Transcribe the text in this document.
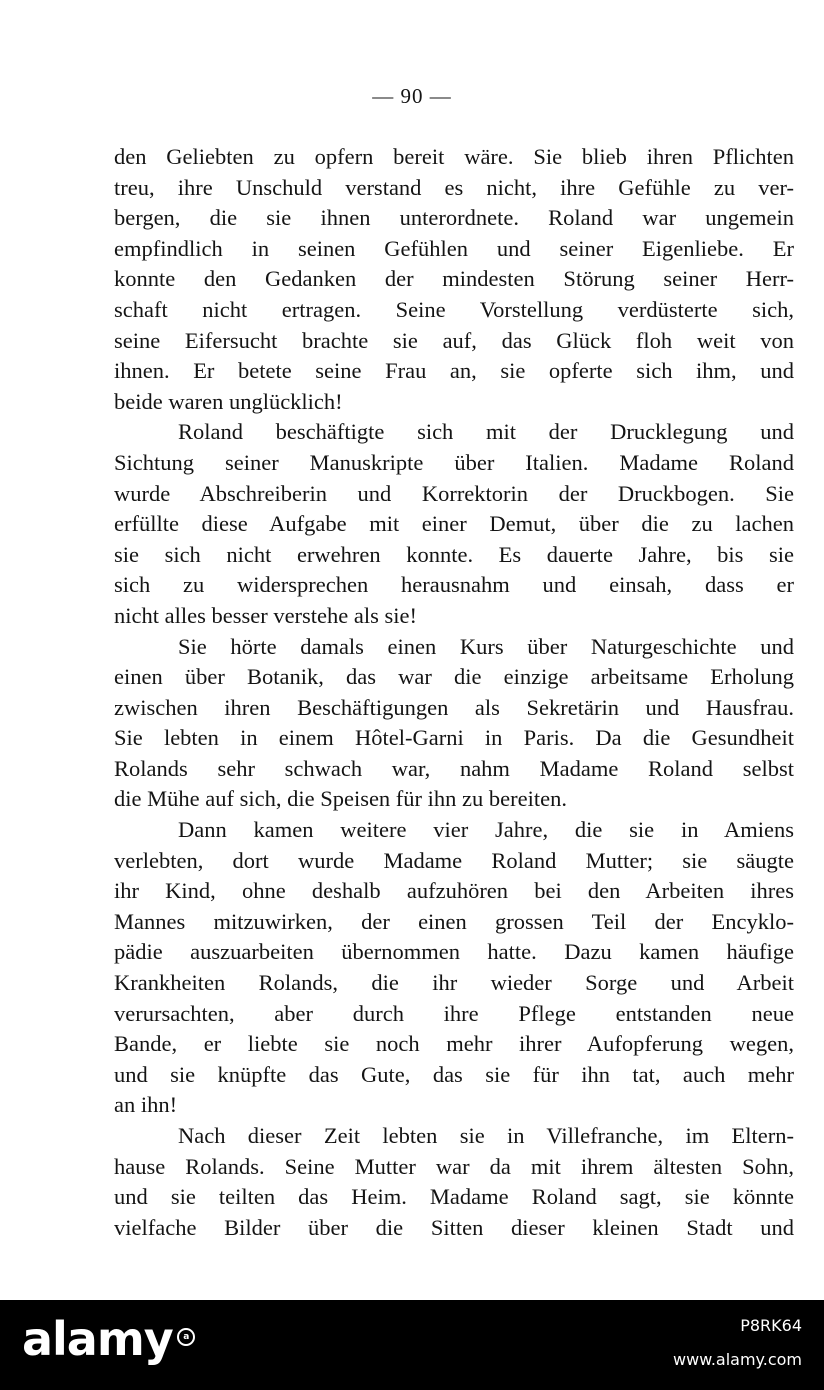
— 90 —
den Geliebten zu opfern bereit wäre. Sie blieb ihren Pflichten
treu, ihre Unschuld verstand es nicht, ihre Gefühle zu ver-
bergen, die sie ihnen unterordnete. Roland war ungemein
empfindlich in seinen Gefühlen und seiner Eigenliebe. Er
konnte den Gedanken der mindesten Störung seiner Herr-
schaft nicht ertragen. Seine Vorstellung verdüsterte sich,
seine Eifersucht brachte sie auf, das Glück floh weit von
ihnen. Er betete seine Frau an, sie opferte sich ihm, und
beide waren unglücklich!
Roland beschäftigte sich mit der Drucklegung und
Sichtung seiner Manuskripte über Italien. Madame Roland
wurde Abschreiberin und Korrektorin der Druckbogen. Sie
erfüllte diese Aufgabe mit einer Demut, über die zu lachen
sie sich nicht erwehren konnte. Es dauerte Jahre, bis sie
sich zu widersprechen herausnahm und einsah, dass er
nicht alles besser verstehe als sie!
Sie hörte damals einen Kurs über Naturgeschichte und
einen über Botanik, das war die einzige arbeitsame Erholung
zwischen ihren Beschäftigungen als Sekretärin und Hausfrau.
Sie lebten in einem Hôtel-Garni in Paris. Da die Gesundheit
Rolands sehr schwach war, nahm Madame Roland selbst
die Mühe auf sich, die Speisen für ihn zu bereiten.
Dann kamen weitere vier Jahre, die sie in Amiens
verlebten, dort wurde Madame Roland Mutter; sie säugte
ihr Kind, ohne deshalb aufzuhören bei den Arbeiten ihres
Mannes mitzuwirken, der einen grossen Teil der Encyklo-
pädie auszuarbeiten übernommen hatte. Dazu kamen häufige
Krankheiten Rolands, die ihr wieder Sorge und Arbeit
verursachten, aber durch ihre Pflege entstanden neue
Bande, er liebte sie noch mehr ihrer Aufopferung wegen,
und sie knüpfte das Gute, das sie für ihn tat, auch mehr
an ihn!
Nach dieser Zeit lebten sie in Villefranche, im Eltern-
hause Rolands. Seine Mutter war da mit ihrem ältesten Sohn,
und sie teilten das Heim. Madame Roland sagt, sie könnte
vielfache Bilder über die Sitten dieser kleinen Stadt und
alamy a
P8RK64
www.alamy.com
